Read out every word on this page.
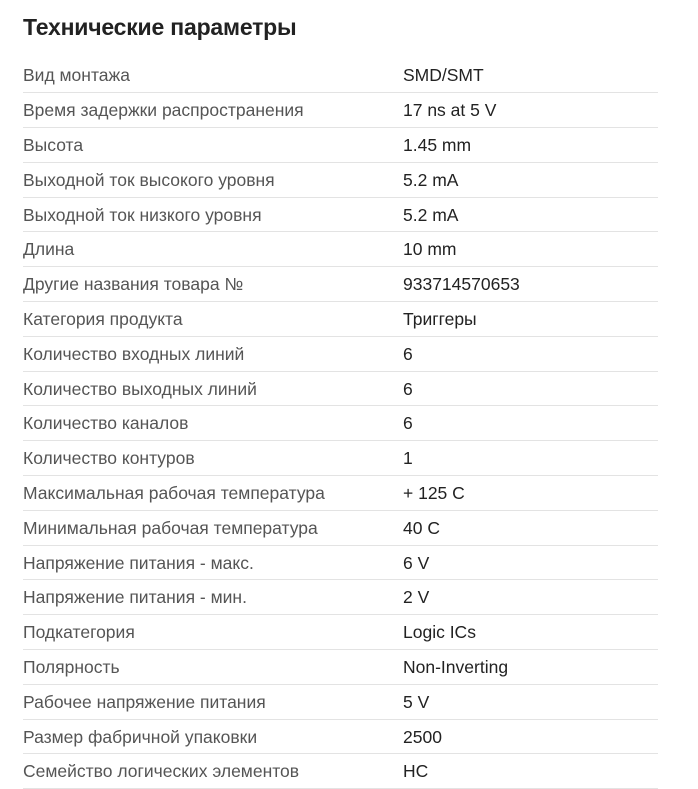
Технические параметры
Вид монтажа	SMD/SMT
Время задержки распространения	17 ns at 5 V
Высота	1.45 mm
Выходной ток высокого уровня	5.2 mA
Выходной ток низкого уровня	5.2 mA
Длина	10 mm
Другие названия товара №	933714570653
Категория продукта	Триггеры
Количество входных линий	6
Количество выходных линий	6
Количество каналов	6
Количество контуров	1
Максимальная рабочая температура	+ 125 C
Минимальная рабочая температура	40 C
Напряжение питания - макс.	6 V
Напряжение питания - мин.	2 V
Подкатегория	Logic ICs
Полярность	Non-Inverting
Рабочее напряжение питания	5 V
Размер фабричной упаковки	2500
Семейство логических элементов	HC
